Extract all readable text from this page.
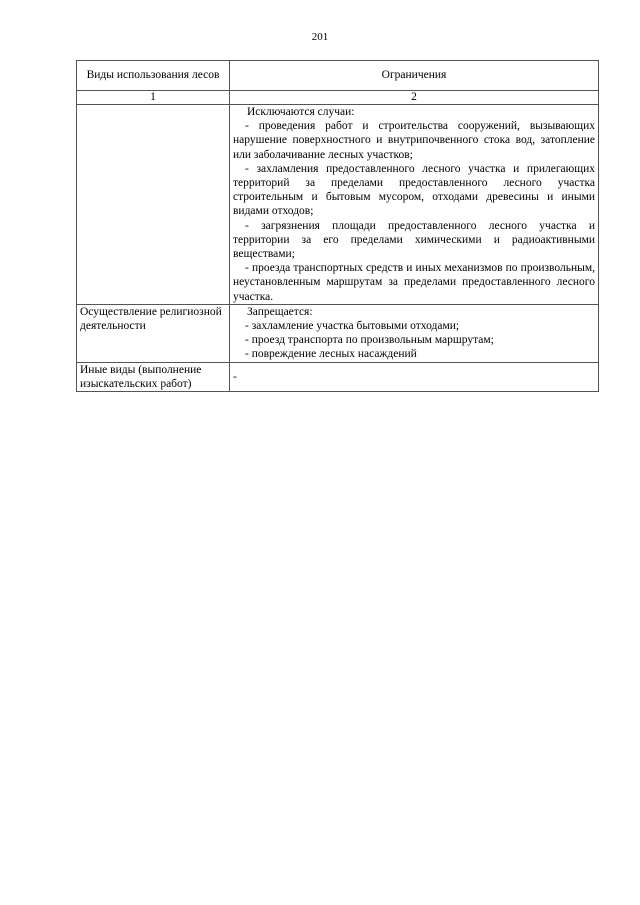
201
Виды использования лесов	Ограничения
1	2

	Исключаются случаи:

- проведения работ и строительства сооружений, вызывающих нарушение поверхностного и внутрипочвенного стока вод, затопление или заболачивание лесных участков;

- захламления предоставленного лесного участка и прилегающих территорий за пределами предоставленного лесного участка строительным и бытовым мусором, отходами древесины и иными видами отходов;

- загрязнения площади предоставленного лесного участка и территории за его пределами химическими и радиоактивными веществами;

- проезда транспортных средств и иных механизмов по произвольным, неустановленным маршрутам за пределами предоставленного лесного участка.

Осуществление религиозной деятельности	Запрещается:

- захламление участка бытовыми отходами;

- проезд транспорта по произвольным маршрутам;

- повреждение лесных насаждений

Иные виды (выполнение изыскательских работ)	-
